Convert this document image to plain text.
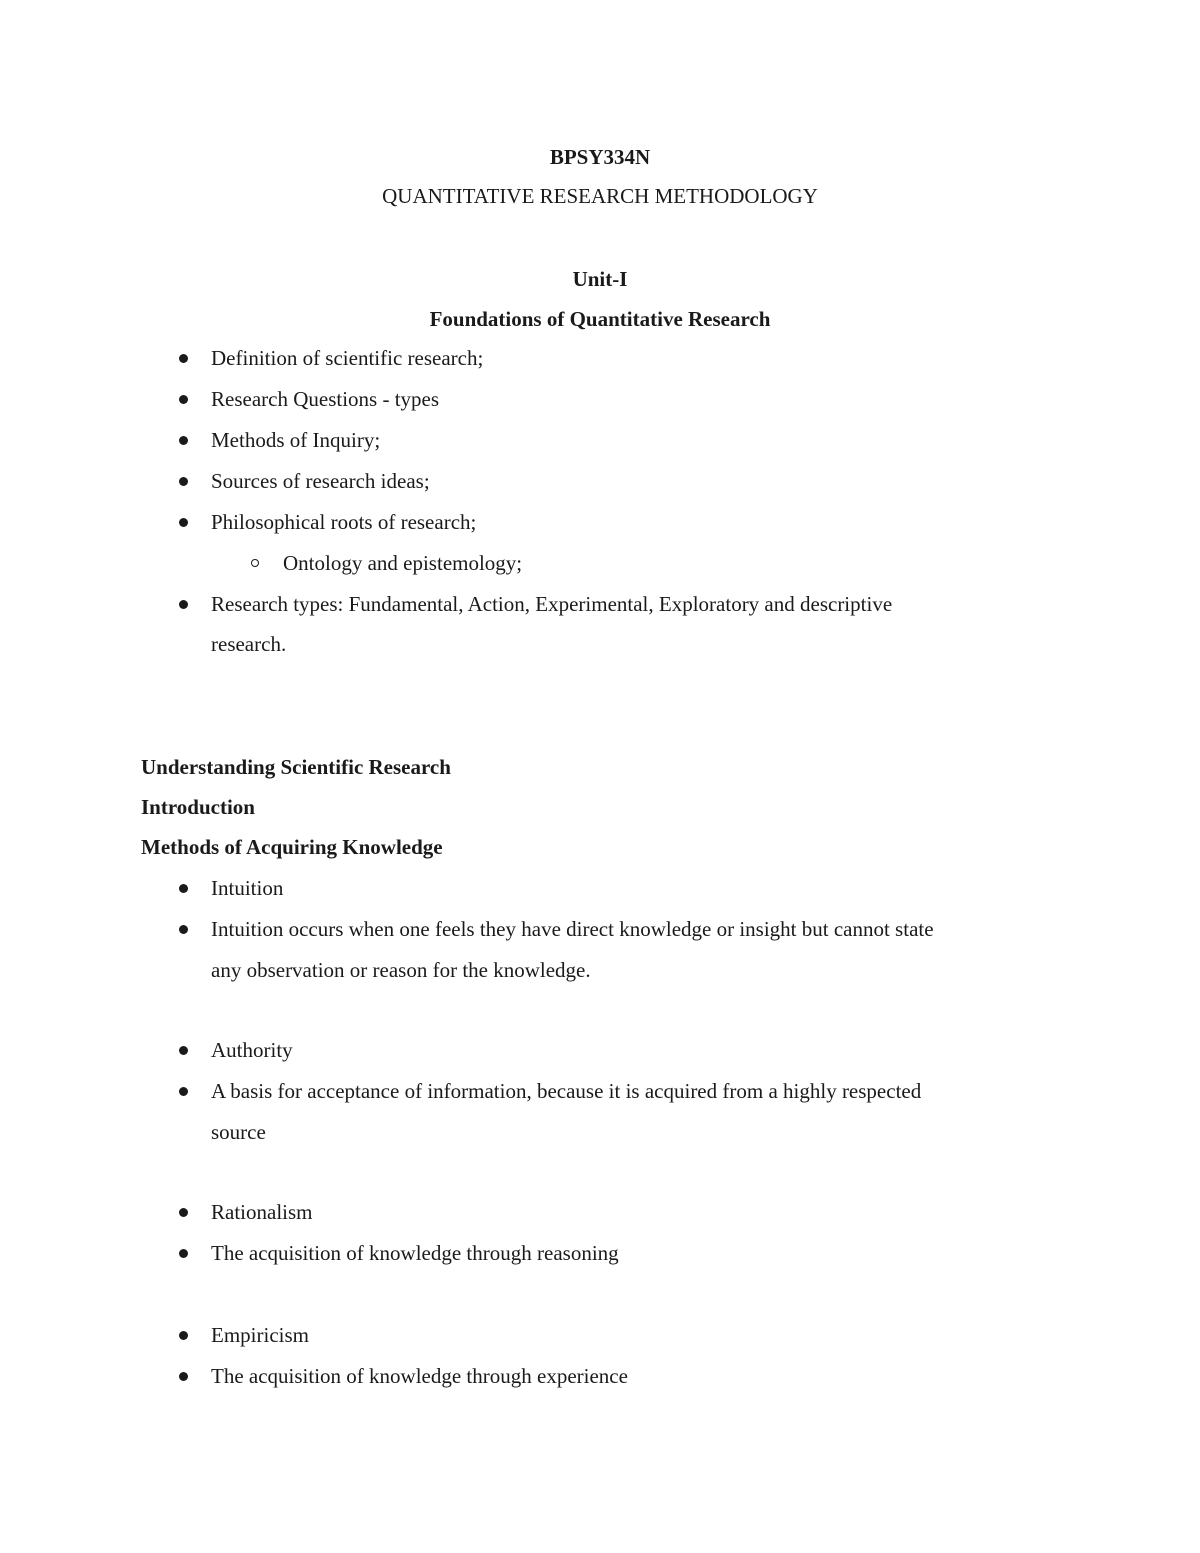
BPSY334N
QUANTITATIVE RESEARCH METHODOLOGY
Unit-I
Foundations of Quantitative Research
Definition of scientific research;
Research Questions - types
Methods of Inquiry;
Sources of research ideas;
Philosophical roots of research;
Ontology and epistemology;
Research types: Fundamental, Action, Experimental, Exploratory and descriptive
research.
Understanding Scientific Research
Introduction
Methods of Acquiring Knowledge
Intuition
Intuition occurs when one feels they have direct knowledge or insight but cannot state
any observation or reason for the knowledge.
Authority
A basis for acceptance of information, because it is acquired from a highly respected
source
Rationalism
The acquisition of knowledge through reasoning
Empiricism
The acquisition of knowledge through experience
